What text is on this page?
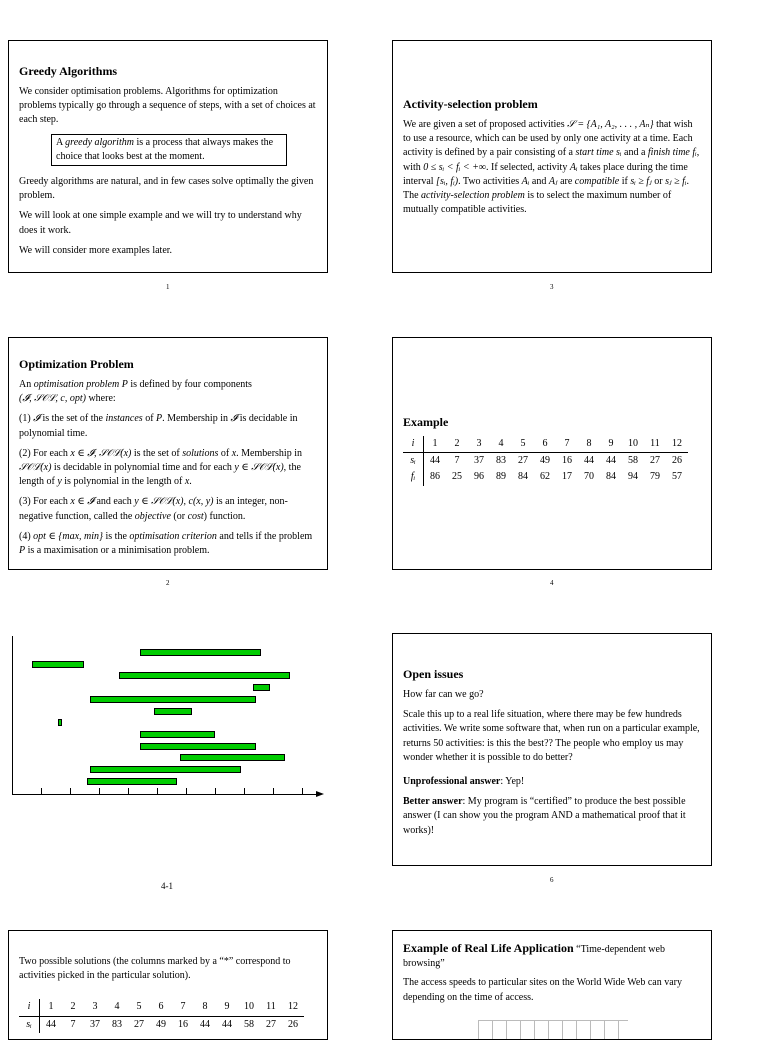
Greedy Algorithms

We consider optimisation problems. Algorithms for optimization problems typically go through a sequence of steps, with a set of choices at each step.

A greedy algorithm is a process that always makes the choice that looks best at the moment.

Greedy algorithms are natural, and in few cases solve optimally the given problem.

We will look at one simple example and we will try to understand why does it work.

We will consider more examples later.

1
Activity-selection problem

We are given a set of proposed activities 𝒮 = {A₁, A₂, . . . , Aₙ} that wish to use a resource, which can be used by only one activity at a time. Each activity is defined by a pair consisting of a start time sᵢ and a finish time fᵢ, with 0 ≤ sᵢ < fᵢ < +∞. If selected, activity Aᵢ takes place during the time interval [sᵢ, fᵢ). Two activities Aᵢ and Aⱼ are compatible if sᵢ ≥ fⱼ or sⱼ ≥ fᵢ. The activity-selection problem is to select the maximum number of mutually compatible activities.

3
Optimization Problem

An optimisation problem P is defined by four components
(𝓘, 𝒮𝒪ℒ, c, opt) where:

(1) 𝓘 is the set of the instances of P. Membership in 𝓘 is decidable in polynomial time.

(2) For each x ∈ 𝓘, 𝒮𝒪ℒ(x) is the set of solutions of x. Membership in 𝒮𝒪ℒ(x) is decidable in polynomial time and for each y ∈ 𝒮𝒪ℒ(x), the length of y is polynomial in the length of x.

(3) For each x ∈ 𝓘 and each y ∈ 𝒮𝒪ℒ(x), c(x, y) is an integer, non-negative function, called the objective (or cost) function.

(4) opt ∈ {max, min} is the optimisation criterion and tells if the problem P is a maximisation or a minimisation problem.

2
Example
i	1	2	3	4	5	6	7	8	9	10	11	12
sᵢ	44	7	37	83	27	49	16	44	44	58	27	26
fᵢ	86	25	96	89	84	62	17	70	84	94	79	57
4
4-1
Open issues

How far can we go?

Scale this up to a real life situation, where there may be few hundreds activities. We write some software that, when run on a particular example, returns 50 activities: is this the best?? The people who employ us may wonder whether it is possible to do better?

Unprofessional answer: Yep!

Better answer: My program is “certified” to produce the best possible answer (I can show you the program AND a mathematical proof that it works)!

6

Two possible solutions (the columns marked by a “*” correspond to activities picked in the particular solution).

i	1	2	3	4	5	6	7	8	9	10	11	12
sᵢ	44	7	37	83	27	49	16	44	44	58	27	26

Example of Real Life Application “Time-dependent web browsing”

The access speeds to particular sites on the World Wide Web can vary depending on the time of access.
